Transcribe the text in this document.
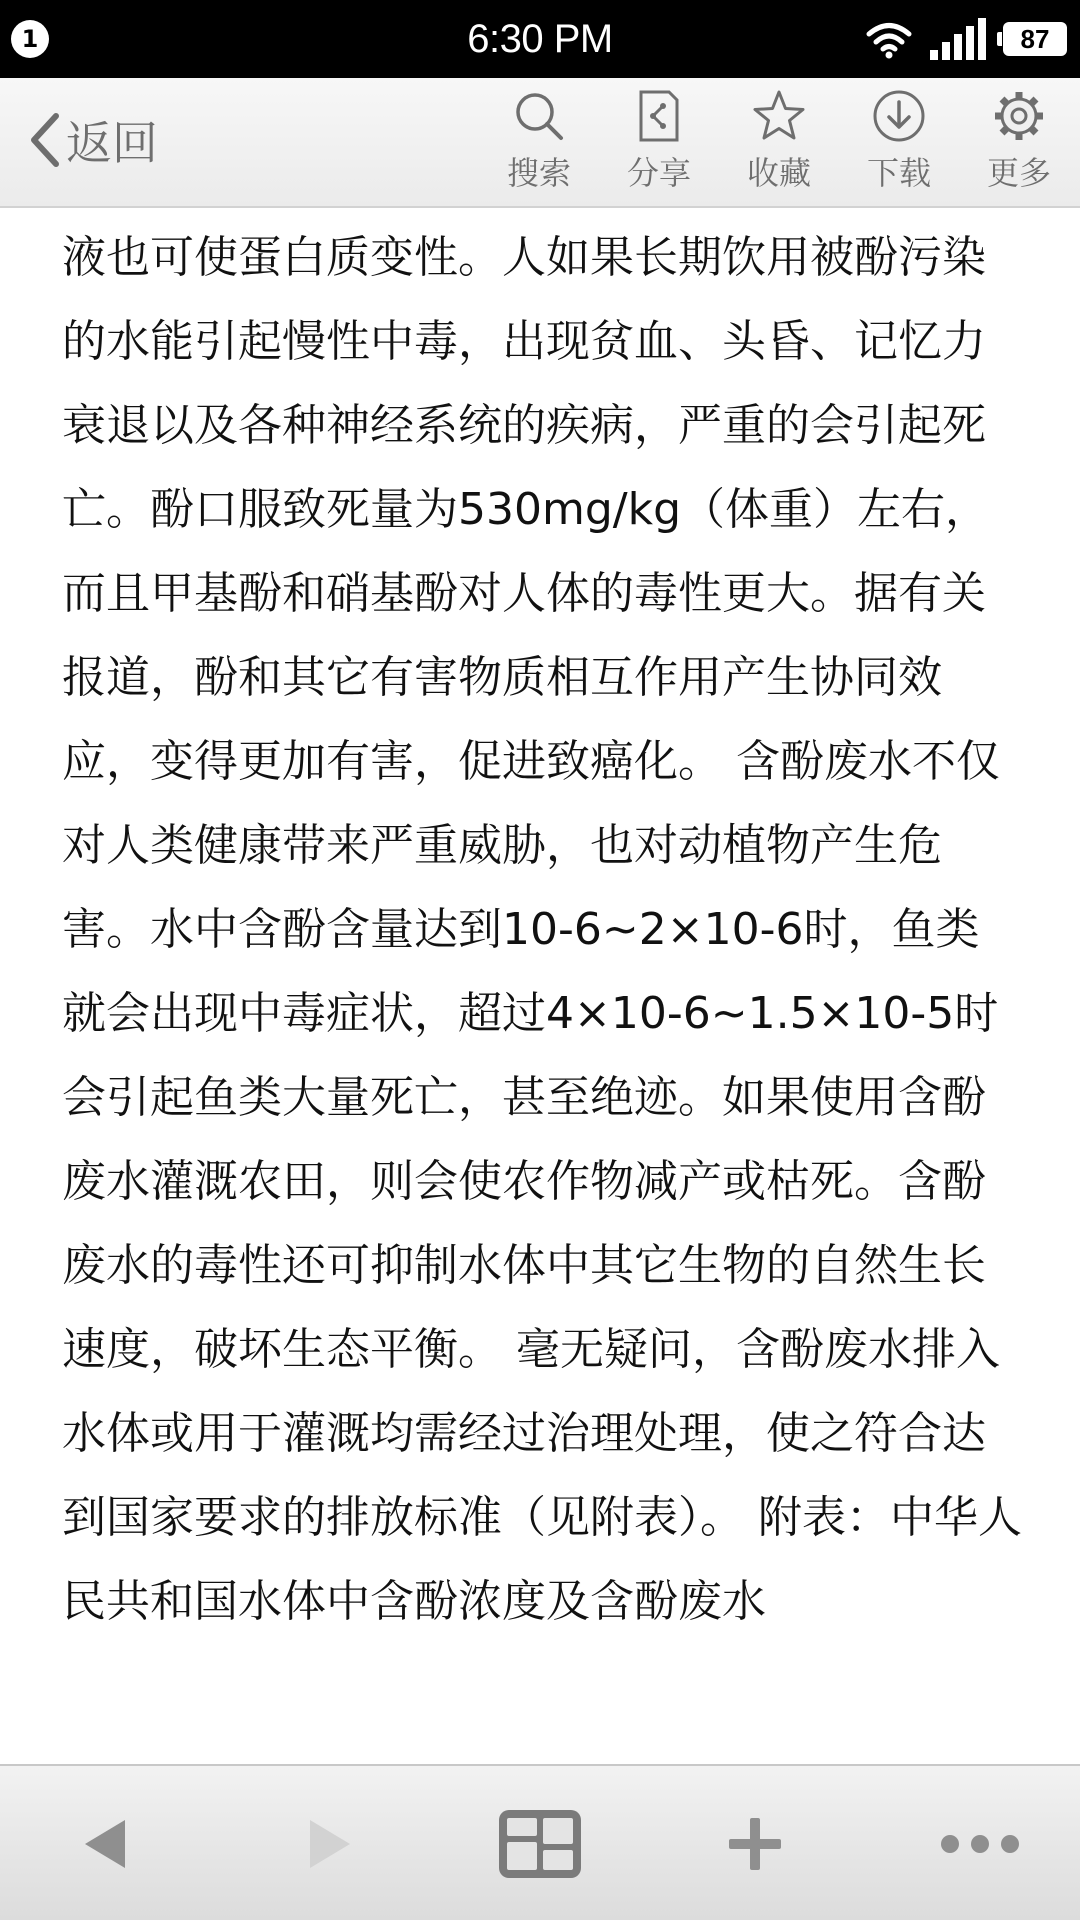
1	6:30 PM	87
返回
搜索	分享	收藏	下载	更多

液也可使蛋白质变性。人如果长期饮用被酚污染的水能引起慢性中毒，出现贫血、头昏、记忆力衰退以及各种神经系统的疾病，严重的会引起死亡。酚口服致死量为530mg/kg（体重）左右，而且甲基酚和硝基酚对人体的毒性更大。据有关报道，酚和其它有害物质相互作用产生协同效应，变得更加有害，促进致癌化。 含酚废水不仅对人类健康带来严重威胁，也对动植物产生危害。水中含酚含量达到10-6~2×10-6时，鱼类就会出现中毒症状，超过4×10-6~1.5×10-5时会引起鱼类大量死亡，甚至绝迹。如果使用含酚废水灌溉农田，则会使农作物减产或枯死。含酚废水的毒性还可抑制水体中其它生物的自然生长速度，破坏生态平衡。 毫无疑问，含酚废水排入水体或用于灌溉均需经过治理处理，使之符合达到国家要求的排放标准（见附表）。 附表：中华人民共和国水体中含酚浓度及含酚废水
